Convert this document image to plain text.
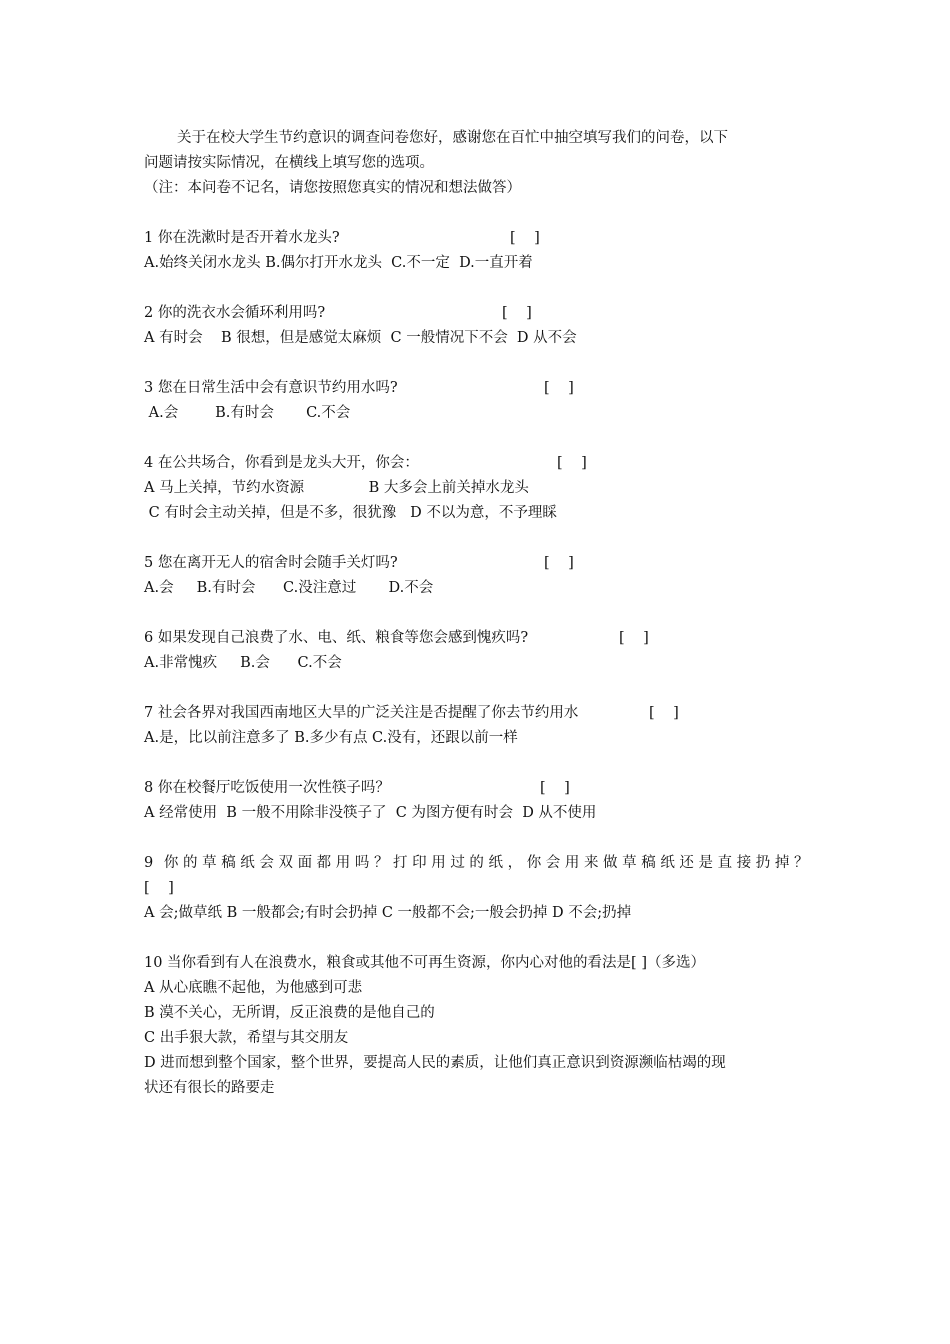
关于在校大学生节约意识的调查问卷您好，感谢您在百忙中抽空填写我们的问卷，以下
问题请按实际情况，在横线上填写您的选项。
（注：本问卷不记名，请您按照您真实的情况和想法做答）
1 你在洗漱时是否开着水龙头?	[    ]
A.始终关闭水龙头 B.偶尔打开水龙头  C.不一定  D.一直开着
2 你的洗衣水会循环利用吗?	[    ]
A 有时会    B 很想，但是感觉太麻烦  C 一般情况下不会  D 从不会
3 您在日常生活中会有意识节约用水吗?	[    ]
A.会        B.有时会       C.不会
4 在公共场合，你看到是龙头大开，你会：	[    ]
A 马上关掉，节约水资源              B 大多会上前关掉水龙头
C 有时会主动关掉，但是不多，很犹豫   D 不以为意，不予理睬
5 您在离开无人的宿舍时会随手关灯吗?	[    ]
A.会     B.有时会      C.没注意过       D.不会
6 如果发现自己浪费了水、电、纸、粮食等您会感到愧疚吗?	[    ]
A.非常愧疚     B.会      C.不会
7 社会各界对我国西南地区大旱的广泛关注是否提醒了你去节约用水	[    ]
A.是，比以前注意多了 B.多少有点 C.没有，还跟以前一样
8 你在校餐厅吃饭使用一次性筷子吗？	[    ]
A 经常使用  B 一般不用除非没筷子了  C 为图方便有时会  D 从不使用
9 你的草稿纸会双面都用吗？打印用过的纸，你会用来做草稿纸还是直接扔掉？
[    ]
A 会;做草纸 B 一般都会;有时会扔掉 C 一般都不会;一般会扔掉 D 不会;扔掉
10 当你看到有人在浪费水，粮食或其他不可再生资源，你内心对他的看法是[ ]（多选）
A 从心底瞧不起他，为他感到可悲
B 漠不关心，无所谓，反正浪费的是他自己的
C 出手狠大款，希望与其交朋友
D 进而想到整个国家，整个世界，要提高人民的素质，让他们真正意识到资源濒临枯竭的现
状还有很长的路要走
